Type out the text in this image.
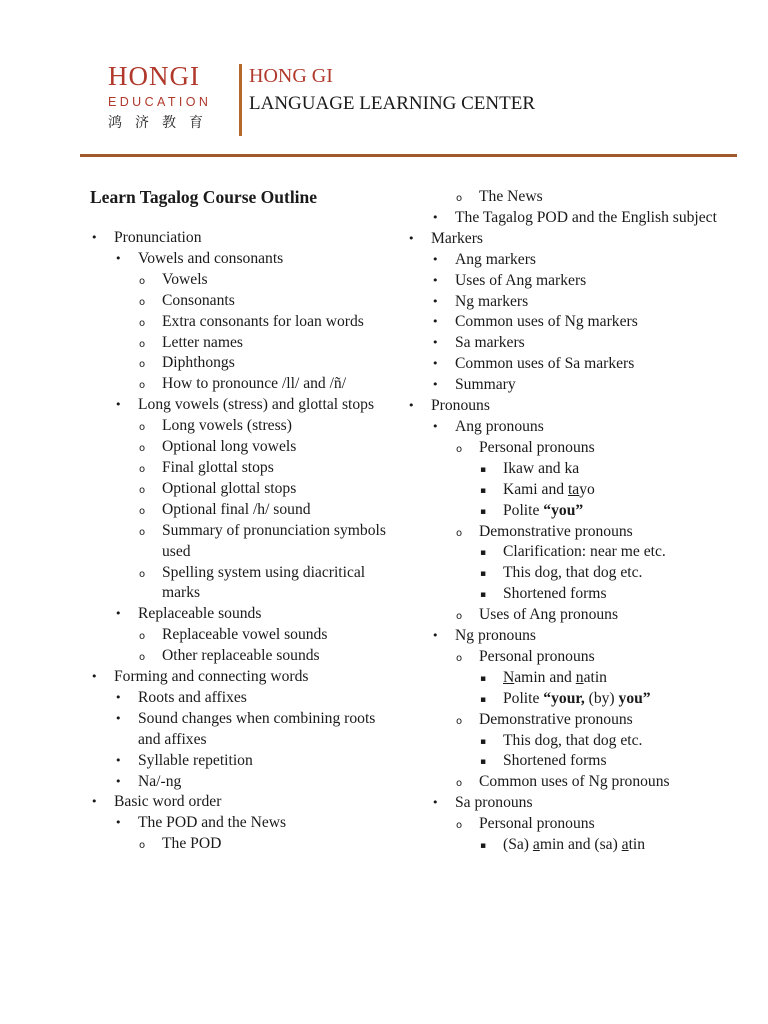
HONGI
EDUCATION
鸿济教育
HONG GI
LANGUAGE LEARNING CENTER
Learn Tagalog Course Outline
• Pronunciation
• Vowels and consonants
o Vowels
o Consonants
o Extra consonants for loan words
o Letter names
o Diphthongs
o How to pronounce /ll/ and /ñ/
• Long vowels (stress) and glottal stops
o Long vowels (stress)
o Optional long vowels
o Final glottal stops
o Optional glottal stops
o Optional final /h/ sound
o Summary of pronunciation symbols used
o Spelling system using diacritical marks
• Replaceable sounds
o Replaceable vowel sounds
o Other replaceable sounds
• Forming and connecting words
• Roots and affixes
• Sound changes when combining roots and affixes
• Syllable repetition
• Na/-ng
• Basic word order
• The POD and the News
o The POD
o The News
• The Tagalog POD and the English subject
• Markers
• Ang markers
• Uses of Ang markers
• Ng markers
• Common uses of Ng markers
• Sa markers
• Common uses of Sa markers
• Summary
• Pronouns
• Ang pronouns
o Personal pronouns
▪ Ikaw and ka
▪ Kami and tayo
▪ Polite “you”
o Demonstrative pronouns
▪ Clarification: near me etc.
▪ This dog, that dog etc.
▪ Shortened forms
o Uses of Ang pronouns
• Ng pronouns
o Personal pronouns
▪ Namin and natin
▪ Polite “your, (by) you”
o Demonstrative pronouns
▪ This dog, that dog etc.
▪ Shortened forms
o Common uses of Ng pronouns
• Sa pronouns
o Personal pronouns
▪ (Sa) amin and (sa) atin
